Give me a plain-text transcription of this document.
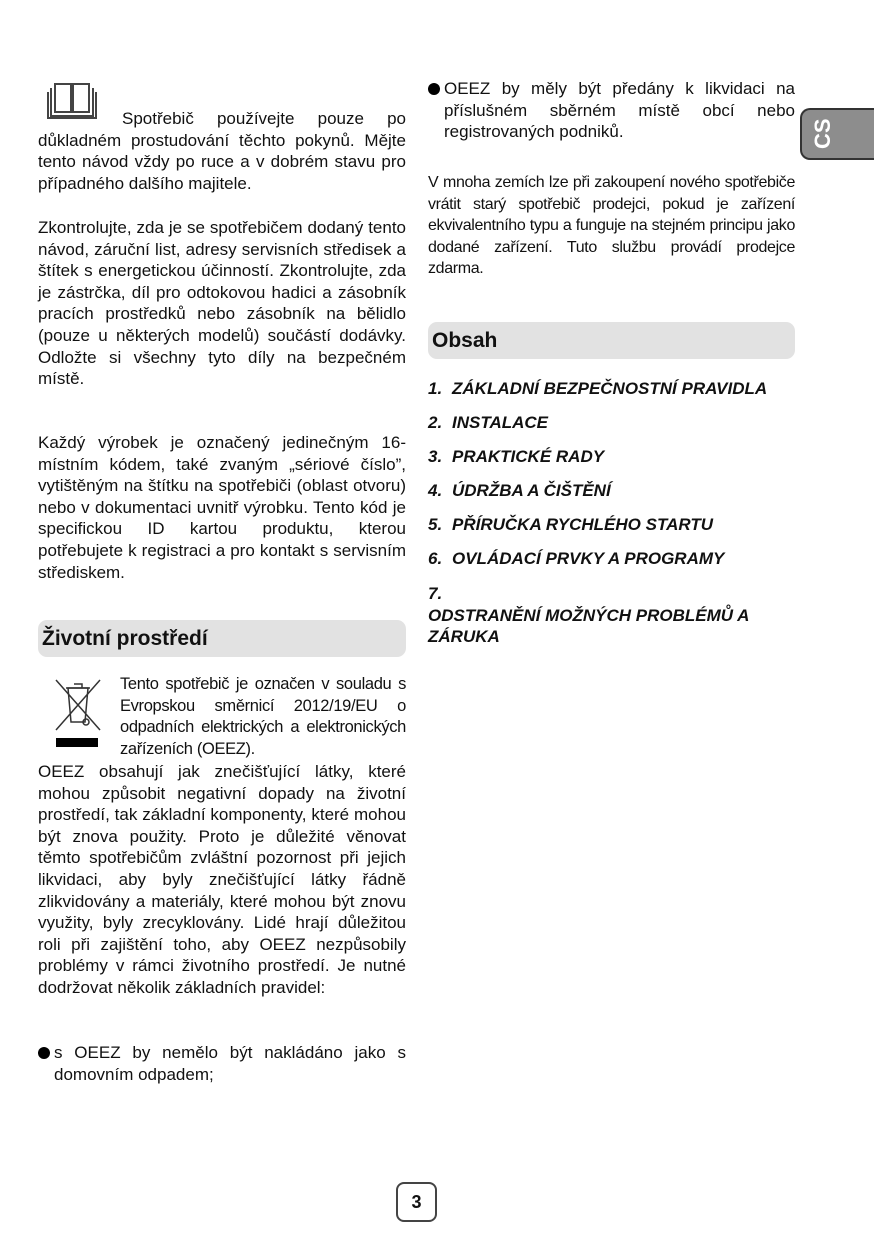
Spotřebič používejte pouze po důkladném prostudování těchto pokynů. Mějte tento návod vždy po ruce a v dobrém stavu pro případného dalšího majitele.

Zkontrolujte, zda je se spotřebičem dodaný tento návod, záruční list, adresy servisních středisek a štítek s energetickou účinností. Zkontrolujte, zda je zástrčka, díl pro odtokovou hadici a zásobník pracích prostředků nebo zásobník na bělidlo (pouze u některých modelů) součástí dodávky. Odložte si všechny tyto díly na bezpečném místě.

Každý výrobek je označený jedinečným 16-místním kódem, také zvaným „sériové číslo”, vytištěným na štítku na spotřebiči (oblast otvoru) nebo v dokumentaci uvnitř výrobku. Tento kód je specifickou ID kartou produktu, kterou potřebujete k registraci a pro kontakt s servisním střediskem.

Životní prostředí

Tento spotřebič je označen v souladu s Evropskou směrnicí 2012/19/EU o odpadních elektrických a elektronických zařízeních (OEEZ).

OEEZ obsahují jak znečišťující látky, které mohou způsobit negativní dopady na životní prostředí, tak základní komponenty, které mohou být znova použity. Proto je důležité věnovat těmto spotřebičům zvláštní pozornost při jejich likvidaci, aby byly znečišťující látky řádně zlikvidovány a materiály, které mohou být znovu využity, byly zrecyklovány. Lidé hrají důležitou roli při zajištění toho, aby OEEZ nezpůsobily problémy v rámci životního prostředí. Je nutné dodržovat několik základních pravidel:

s OEEZ by nemělo být nakládáno jako s domovním odpadem;
OEEZ by měly být předány k likvidaci na příslušném sběrném místě obcí nebo registrovaných podniků.

V mnoha zemích lze při zakoupení nového spotřebiče vrátit starý spotřebič prodejci, pokud je zařízení ekvivalentního typu a funguje na stejném principu jako dodané zařízení. Tuto službu provádí prodejce zdarma.

Obsah
1. ZÁKLADNÍ BEZPEČNOSTNÍ PRAVIDLA
2. INSTALACE
3. PRAKTICKÉ RADY
4. ÚDRŽBA A ČIŠTĚNÍ
5. PŘÍRUČKA RYCHLÉHO STARTU
6. OVLÁDACÍ PRVKY A PROGRAMY
7.ODSTRANĚNÍ MOŽNÝCH PROBLÉMŮ A ZÁRUKA
CS
3
